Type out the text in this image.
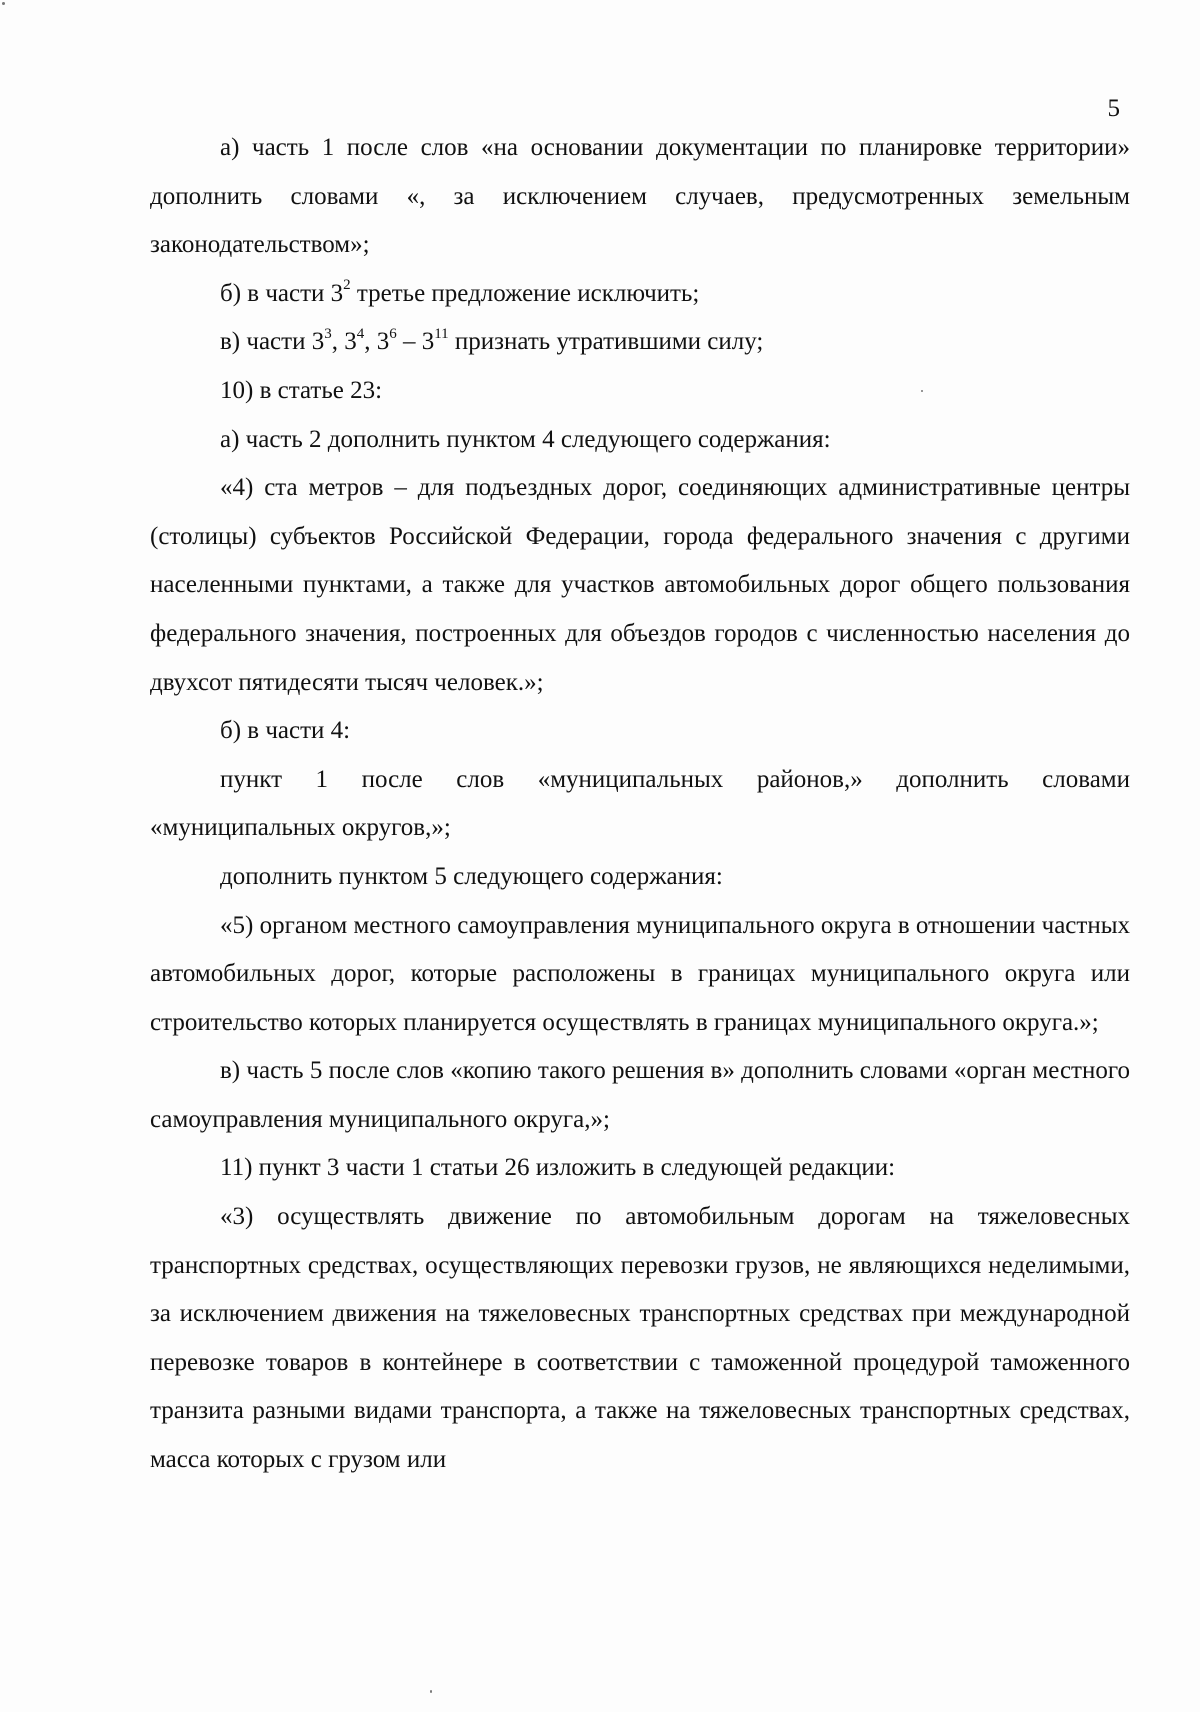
5

а) часть 1 после слов «на основании документации по планировке территории» дополнить словами «, за исключением случаев, предусмотренных земельным законодательством»;

б) в части $3^2$ третье предложение исключить;

в) части $3^3$, $3^4$, $3^6 - 3^{11}$ признать утратившими силу;

10) в статье 23:

а) часть 2 дополнить пунктом 4 следующего содержания:

«4) ста метров – для подъездных дорог, соединяющих административные центры (столицы) субъектов Российской Федерации, города федерального значения с другими населенными пунктами, а также для участков автомобильных дорог общего пользования федерального значения, построенных для объездов городов с численностью населения до двухсот пятидесяти тысяч человек.»;

б) в части 4:

пункт 1 после слов «муниципальных районов,» дополнить словами «муниципальных округов,»;

дополнить пунктом 5 следующего содержания:

«5) органом местного самоуправления муниципального округа в отношении частных автомобильных дорог, которые расположены в границах муниципального округа или строительство которых планируется осуществлять в границах муниципального округа.»;

в) часть 5 после слов «копию такого решения в» дополнить словами «орган местного самоуправления муниципального округа,»;

11) пункт 3 части 1 статьи 26 изложить в следующей редакции:

«3) осуществлять движение по автомобильным дорогам на тяжеловесных транспортных средствах, осуществляющих перевозки грузов, не являющихся неделимыми, за исключением движения на тяжеловесных транспортных средствах при международной перевозке товаров в контейнере в соответствии с таможенной процедурой таможенного транзита разными видами транспорта, а также на тяжеловесных транспортных средствах, масса которых с грузом или
